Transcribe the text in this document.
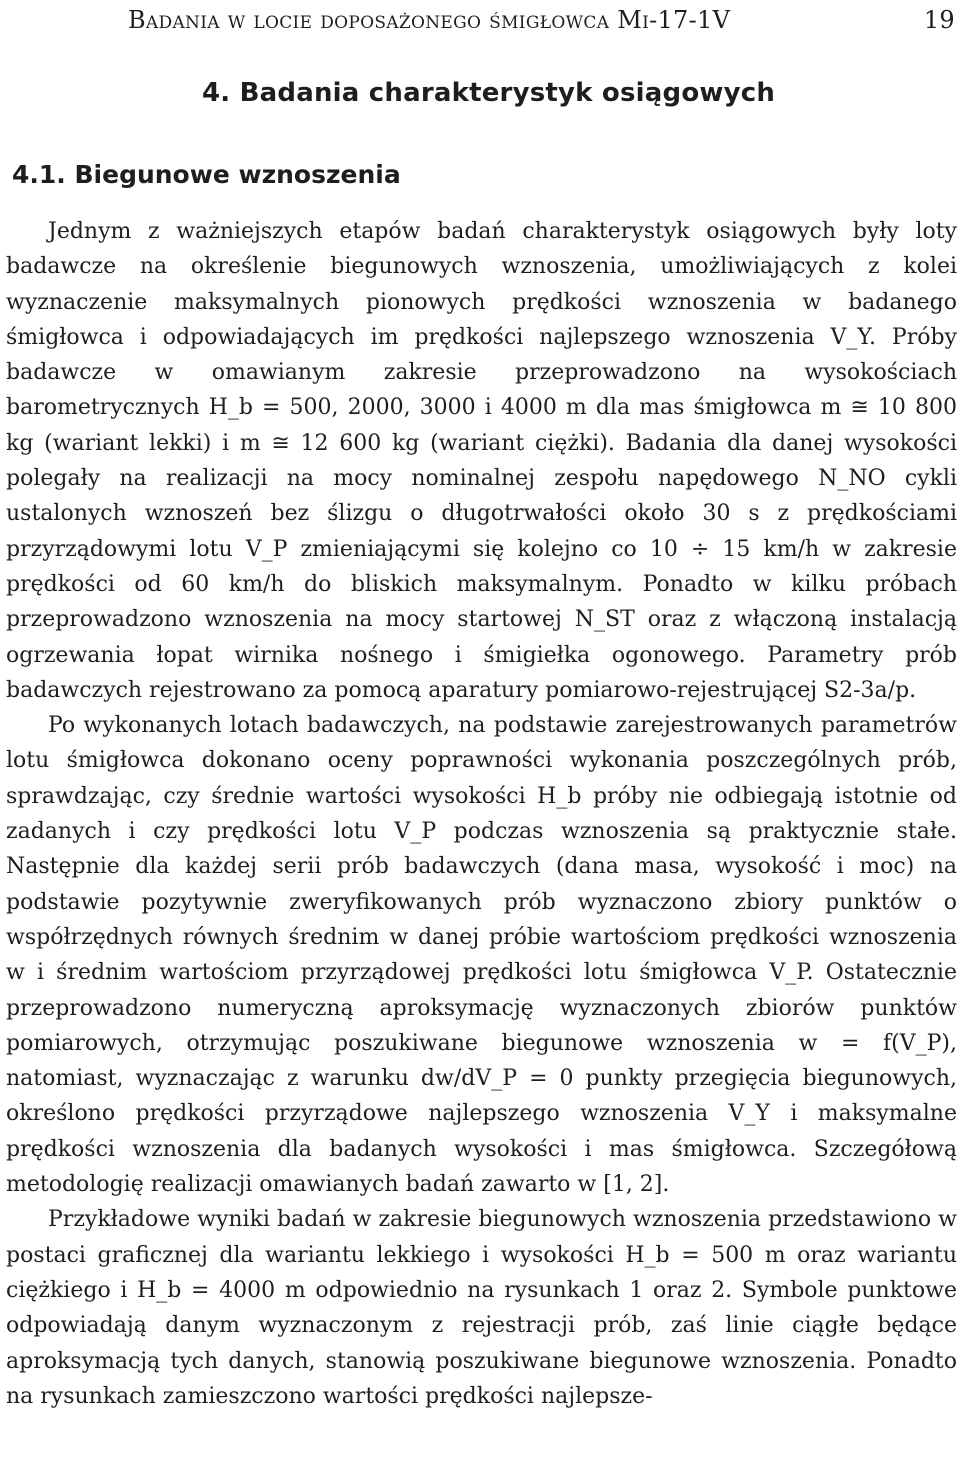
Badania w locie doposażonego śmigłowca Mi-17-1V	19
4. Badania charakterystyk osiągowych
4.1. Biegunowe wznoszenia

Jednym z ważniejszych etapów badań charakterystyk osiągowych były loty badawcze na określenie biegunowych wznoszenia, umożliwiających z kolei wyznaczenie maksymalnych pionowych prędkości wznoszenia w badanego śmigłowca i odpowiadających im prędkości najlepszego wznoszenia V_Y. Próby badawcze w omawianym zakresie przeprowadzono na wysokościach barometrycznych H_b = 500, 2000, 3000 i 4000 m dla mas śmigłowca m ≅ 10 800 kg (wariant lekki) i m ≅ 12 600 kg (wariant ciężki). Badania dla danej wysokości polegały na realizacji na mocy nominalnej zespołu napędowego N_NO cykli ustalonych wznoszeń bez ślizgu o długotrwałości około 30 s z prędkościami przyrządowymi lotu V_P zmieniającymi się kolejno co 10 ÷ 15 km/h w zakresie prędkości od 60 km/h do bliskich maksymalnym. Ponadto w kilku próbach przeprowadzono wznoszenia na mocy startowej N_ST oraz z włączoną instalacją ogrzewania łopat wirnika nośnego i śmigiełka ogonowego. Parametry prób badawczych rejestrowano za pomocą aparatury pomiarowo-rejestrującej S2-3a/p.

Po wykonanych lotach badawczych, na podstawie zarejestrowanych parametrów lotu śmigłowca dokonano oceny poprawności wykonania poszczególnych prób, sprawdzając, czy średnie wartości wysokości H_b próby nie odbiegają istotnie od zadanych i czy prędkości lotu V_P podczas wznoszenia są praktycznie stałe. Następnie dla każdej serii prób badawczych (dana masa, wysokość i moc) na podstawie pozytywnie zweryfikowanych prób wyznaczono zbiory punktów o współrzędnych równych średnim w danej próbie wartościom prędkości wznoszenia w i średnim wartościom przyrządowej prędkości lotu śmigłowca V_P. Ostatecznie przeprowadzono numeryczną aproksymację wyznaczonych zbiorów punktów pomiarowych, otrzymując poszukiwane biegunowe wznoszenia w = f(V_P), natomiast, wyznaczając z warunku dw/dV_P = 0 punkty przegięcia biegunowych, określono prędkości przyrządowe najlepszego wznoszenia V_Y i maksymalne prędkości wznoszenia dla badanych wysokości i mas śmigłowca. Szczegółową metodologię realizacji omawianych badań zawarto w [1, 2].

Przykładowe wyniki badań w zakresie biegunowych wznoszenia przedstawiono w postaci graficznej dla wariantu lekkiego i wysokości H_b = 500 m oraz wariantu ciężkiego i H_b = 4000 m odpowiednio na rysunkach 1 oraz 2. Symbole punktowe odpowiadają danym wyznaczonym z rejestracji prób, zaś linie ciągłe będące aproksymacją tych danych, stanowią poszukiwane biegunowe wznoszenia. Ponadto na rysunkach zamieszczono wartości prędkości najlepsze-
